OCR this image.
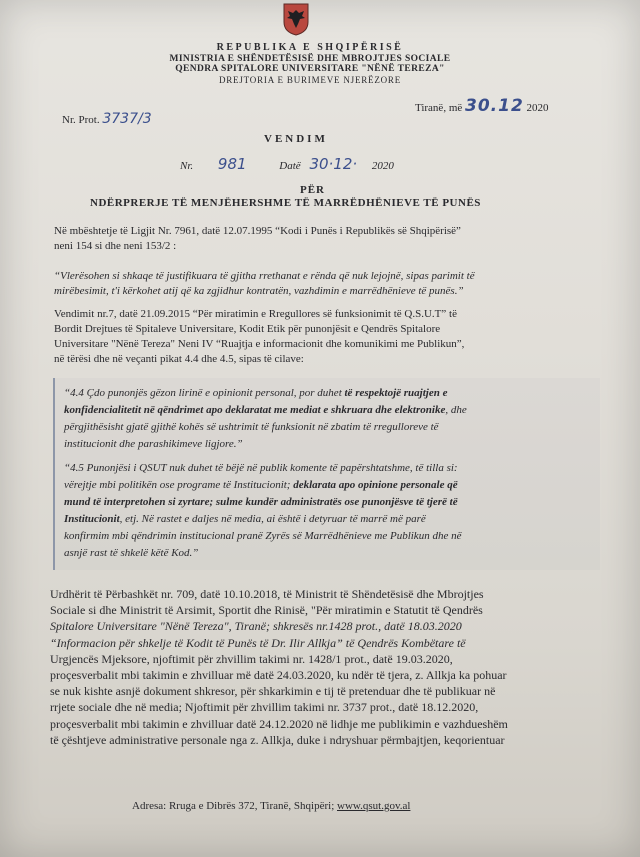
REPUBLIKA E SHQIPËRISË
MINISTRIA E SHËNDETËSISË DHE MBROJTJES SOCIALE
QENDRA SPITALORE UNIVERSITARE "NËNË TEREZA"
DREJTORIA E BURIMEVE NJERËZORE
Tiranë, më 30.12 2020
Nr. Prot. 3737/3
VENDIM
Nr. 981	Datë 30·12· 2020
PËR
NDËRPRERJE TË MENJËHERSHME TË MARRËDHËNIEVE TË PUNËS
Në mbështetje të Ligjit Nr. 7961, datë 12.07.1995 “Kodi i Punës i Republikës së Shqipërisë”
neni 154 si dhe neni 153/2 :
“Vlerësohen si shkaqe të justifikuara të gjitha rrethanat e rënda që nuk lejojnë, sipas parimit të
mirëbesimit, t'i kërkohet atij që ka zgjidhur kontratën, vazhdimin e marrëdhënieve të punës.”
Vendimit nr.7, datë 21.09.2015 “Për miratimin e Rregullores së funksionimit të Q.S.U.T” të
Bordit Drejtues të Spitaleve Universitare, Kodit Etik për punonjësit e Qendrës Spitalore
Universitare "Nënë Tereza" Neni IV “Ruajtja e informacionit dhe komunikimi me Publikun”,
në tërësi dhe në veçanti pikat 4.4 dhe 4.5, sipas të cilave:
“4.4 Çdo punonjës gëzon lirinë e opinionit personal, por duhet të respektojë ruajtjen e
konfidencialitetit në qëndrimet apo deklaratat me mediat e shkruara dhe elektronike, dhe
përgjithësisht gjatë gjithë kohës së ushtrimit të funksionit në zbatim të rregulloreve të
institucionit dhe parashikimeve ligjore.”
“4.5 Punonjësi i QSUT nuk duhet të bëjë në publik komente të papërshtatshme, të tilla si:
vërejtje mbi politikën ose programe të Institucionit; deklarata apo opinione personale që
mund të interpretohen si zyrtare; sulme kundër administratës ose punonjësve të tjerë të
Institucionit, etj. Në rastet e daljes në media, ai është i detyruar të marrë më parë
konfirmim mbi qëndrimin institucional pranë Zyrës së Marrëdhënieve me Publikun dhe në
asnjë rast të shkelë këtë Kod.”
Urdhërit të Përbashkët nr. 709, datë 10.10.2018, të Ministrit të Shëndetësisë dhe Mbrojtjes
Sociale si dhe Ministrit të Arsimit, Sportit dhe Rinisë, "Për miratimin e Statutit të Qendrës
Spitalore Universitare "Nënë Tereza", Tiranë; shkresës nr.1428 prot., datë 18.03.2020
“Informacion për shkelje të Kodit të Punës të Dr. Ilir Allkja” të Qendrës Kombëtare të
Urgjencës Mjeksore, njoftimit për zhvillim takimi nr. 1428/1 prot., datë 19.03.2020,
proçesverbalit mbi takimin e zhvilluar më datë 24.03.2020, ku ndër të tjera, z. Allkja ka pohuar
se nuk kishte asnjë dokument shkresor, për shkarkimin e tij të pretenduar dhe të publikuar në
rrjete sociale dhe në media; Njoftimit për zhvillim takimi nr. 3737 prot., datë 18.12.2020,
proçesverbalit mbi takimin e zhvilluar datë 24.12.2020 në lidhje me publikimin e vazhdueshëm
të çështjeve administrative personale nga z. Allkja, duke i ndryshuar përmbajtjen, keqorientuar
Adresa: Rruga e Dibrës 372, Tiranë, Shqipëri; www.qsut.gov.al
